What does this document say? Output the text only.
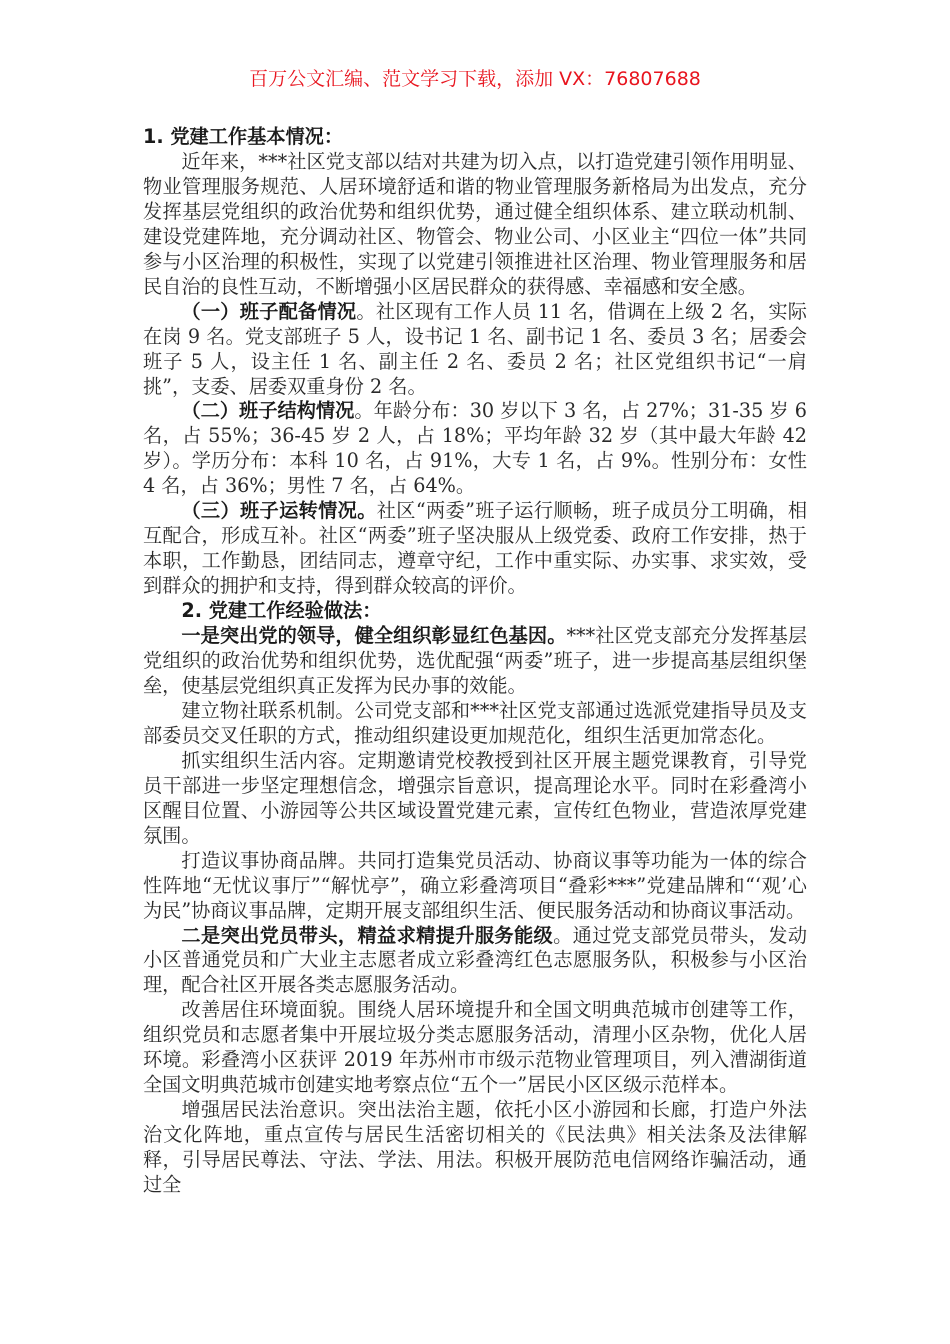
百万公文汇编、范文学习下载，添加 VX：76807688

1. 党建工作基本情况：

近年来，***社区党支部以结对共建为切入点，以打造党建引领作用明显、物业管理服务规范、人居环境舒适和谐的物业管理服务新格局为出发点，充分发挥基层党组织的政治优势和组织优势，通过健全组织体系、建立联动机制、建设党建阵地，充分调动社区、物管会、物业公司、小区业主“四位一体”共同参与小区治理的积极性，实现了以党建引领推进社区治理、物业管理服务和居民自治的良性互动，不断增强小区居民群众的获得感、幸福感和安全感。

（一）班子配备情况。社区现有工作人员 11 名，借调在上级 2 名，实际在岗 9 名。党支部班子 5 人，设书记 1 名、副书记 1 名、委员 3 名；居委会班子 5 人，设主任 1 名、副主任 2 名、委员 2 名；社区党组织书记“一肩挑”，支委、居委双重身份 2 名。

（二）班子结构情况。年龄分布：30 岁以下 3 名，占 27%；31-35 岁 6 名，占 55%；36-45 岁 2 人，占 18%；平均年龄 32 岁（其中最大年龄 42 岁）。学历分布：本科 10 名，占 91%，大专 1 名，占 9%。性别分布：女性 4 名，占 36%；男性 7 名，占 64%。

（三）班子运转情况。社区“两委”班子运行顺畅，班子成员分工明确，相互配合，形成互补。社区“两委”班子坚决服从上级党委、政府工作安排，热于本职，工作勤恳，团结同志，遵章守纪，工作中重实际、办实事、求实效，受到群众的拥护和支持，得到群众较高的评价。

2. 党建工作经验做法：

一是突出党的领导，健全组织彰显红色基因。***社区党支部充分发挥基层党组织的政治优势和组织优势，选优配强“两委”班子，进一步提高基层组织堡垒，使基层党组织真正发挥为民办事的效能。

建立物社联系机制。公司党支部和***社区党支部通过选派党建指导员及支部委员交叉任职的方式，推动组织建设更加规范化，组织生活更加常态化。

抓实组织生活内容。定期邀请党校教授到社区开展主题党课教育，引导党员干部进一步坚定理想信念，增强宗旨意识，提高理论水平。同时在彩叠湾小区醒目位置、小游园等公共区域设置党建元素，宣传红色物业，营造浓厚党建氛围。

打造议事协商品牌。共同打造集党员活动、协商议事等功能为一体的综合性阵地“无忧议事厅”“解忧亭”，确立彩叠湾项目“叠彩***”党建品牌和“‘观’心为民”协商议事品牌，定期开展支部组织生活、便民服务活动和协商议事活动。

二是突出党员带头，精益求精提升服务能级。通过党支部党员带头，发动小区普通党员和广大业主志愿者成立彩叠湾红色志愿服务队，积极参与小区治理，配合社区开展各类志愿服务活动。

改善居住环境面貌。围绕人居环境提升和全国文明典范城市创建等工作，组织党员和志愿者集中开展垃圾分类志愿服务活动，清理小区杂物，优化人居环境。彩叠湾小区获评 2019 年苏州市市级示范物业管理项目，列入漕湖街道全国文明典范城市创建实地考察点位“五个一”居民小区区级示范样本。

增强居民法治意识。突出法治主题，依托小区小游园和长廊，打造户外法治文化阵地，重点宣传与居民生活密切相关的《民法典》相关法条及法律解释，引导居民尊法、守法、学法、用法。积极开展防范电信网络诈骗活动，通过全
